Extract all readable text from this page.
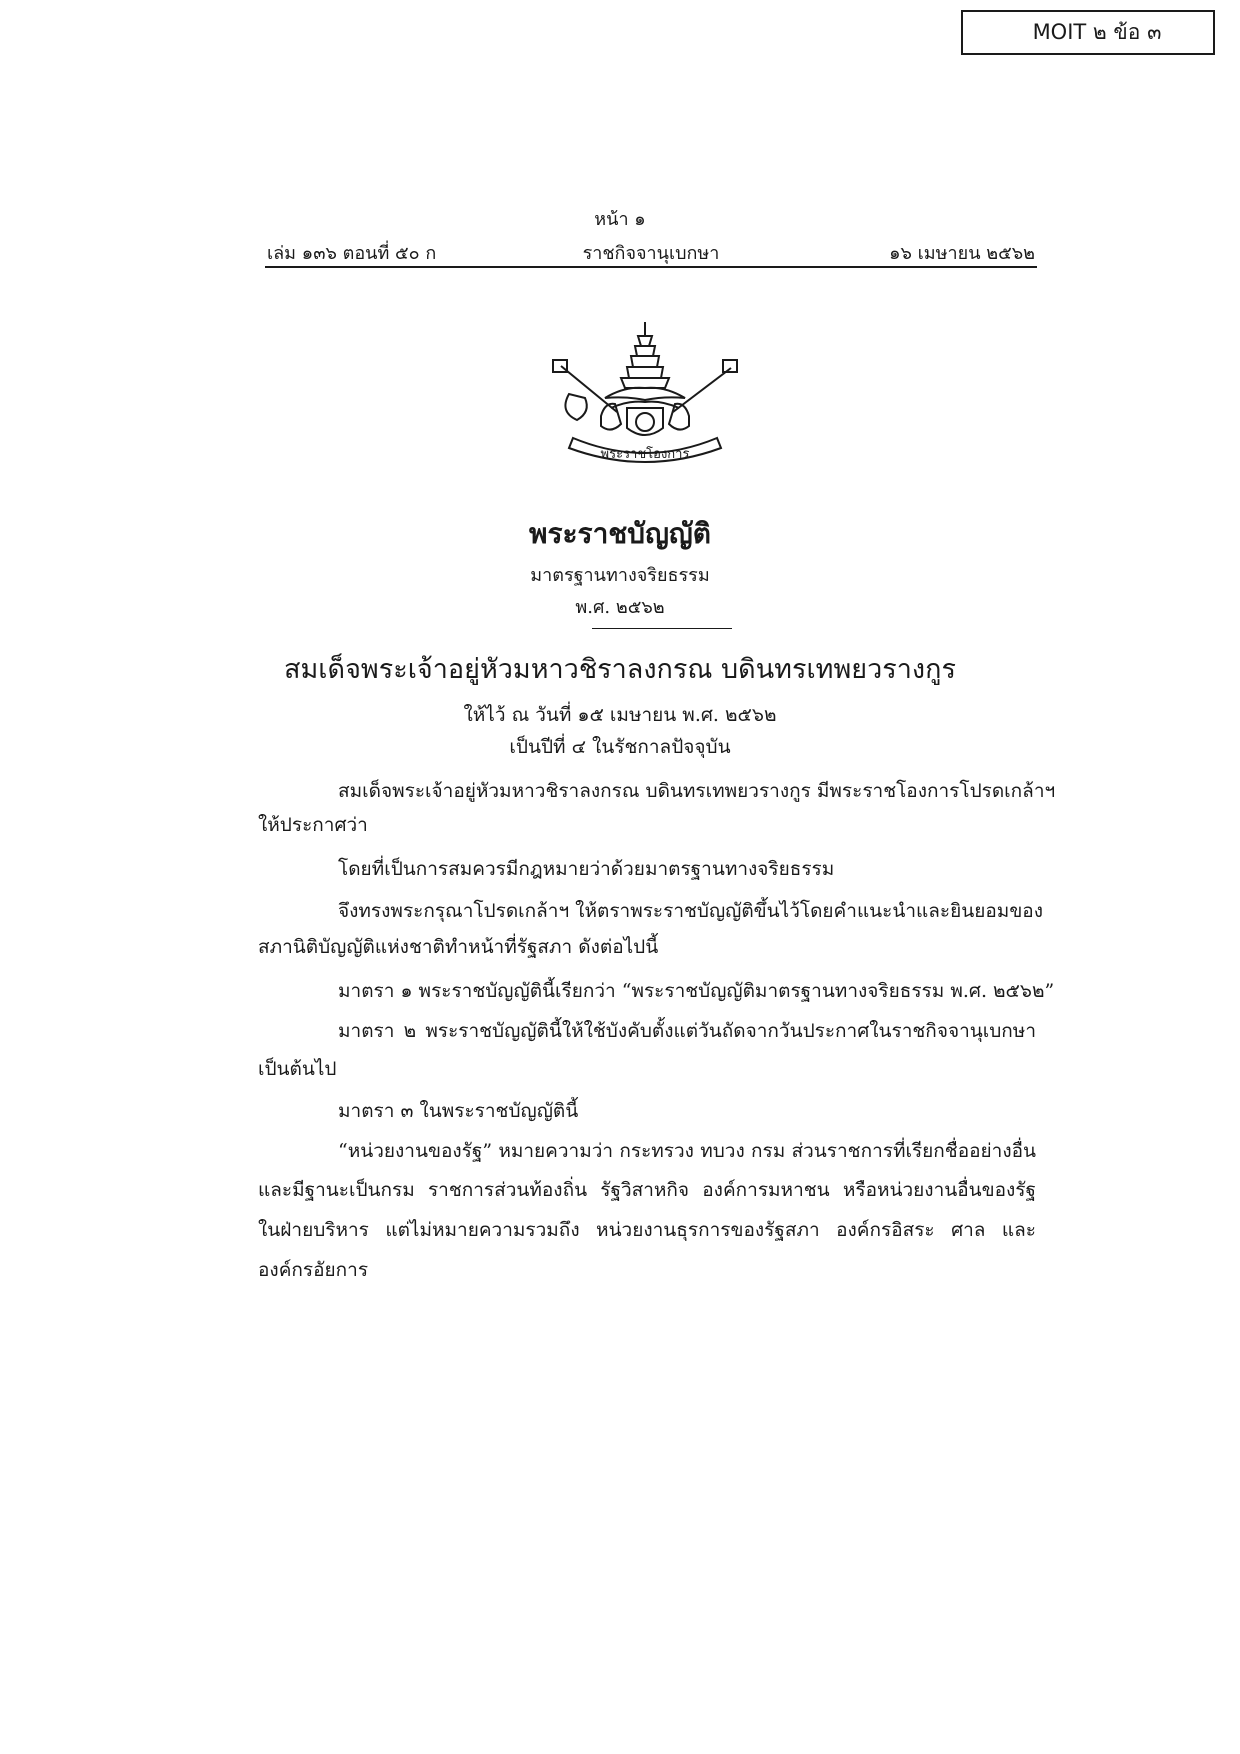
MOIT ๒ ข้อ ๓
หน้า ๑
เล่ม ๑๓๖ ตอนที่ ๕๐ ก	ราชกิจจานุเบกษา	๑๖ เมษายน ๒๕๖๒
พระราชโองการ
พระราชบัญญัติ
มาตรฐานทางจริยธรรม
พ.ศ. ๒๕๖๒
สมเด็จพระเจ้าอยู่หัวมหาวชิราลงกรณ บดินทรเทพยวรางกูร
ให้ไว้ ณ วันที่ ๑๕ เมษายน พ.ศ. ๒๕๖๒
เป็นปีที่ ๔ ในรัชกาลปัจจุบัน
สมเด็จพระเจ้าอยู่หัวมหาวชิราลงกรณ บดินทรเทพยวรางกูร มีพระราชโองการโปรดเกล้าฯ
ให้ประกาศว่า
โดยที่เป็นการสมควรมีกฎหมายว่าด้วยมาตรฐานทางจริยธรรม
จึงทรงพระกรุณาโปรดเกล้าฯ ให้ตราพระราชบัญญัติขึ้นไว้โดยคำแนะนำและยินยอมของ
สภานิติบัญญัติแห่งชาติทำหน้าที่รัฐสภา ดังต่อไปนี้
มาตรา ๑ พระราชบัญญัตินี้เรียกว่า “พระราชบัญญัติมาตรฐานทางจริยธรรม พ.ศ. ๒๕๖๒”
มาตรา ๒ พระราชบัญญัตินี้ให้ใช้บังคับตั้งแต่วันถัดจากวันประกาศในราชกิจจานุเบกษา
เป็นต้นไป
มาตรา ๓ ในพระราชบัญญัตินี้
“หน่วยงานของรัฐ” หมายความว่า กระทรวง ทบวง กรม ส่วนราชการที่เรียกชื่ออย่างอื่น
และมีฐานะเป็นกรม ราชการส่วนท้องถิ่น รัฐวิสาหกิจ องค์การมหาชน หรือหน่วยงานอื่นของรัฐ
ในฝ่ายบริหาร แต่ไม่หมายความรวมถึง หน่วยงานธุรการของรัฐสภา องค์กรอิสระ ศาล และ
องค์กรอัยการ
